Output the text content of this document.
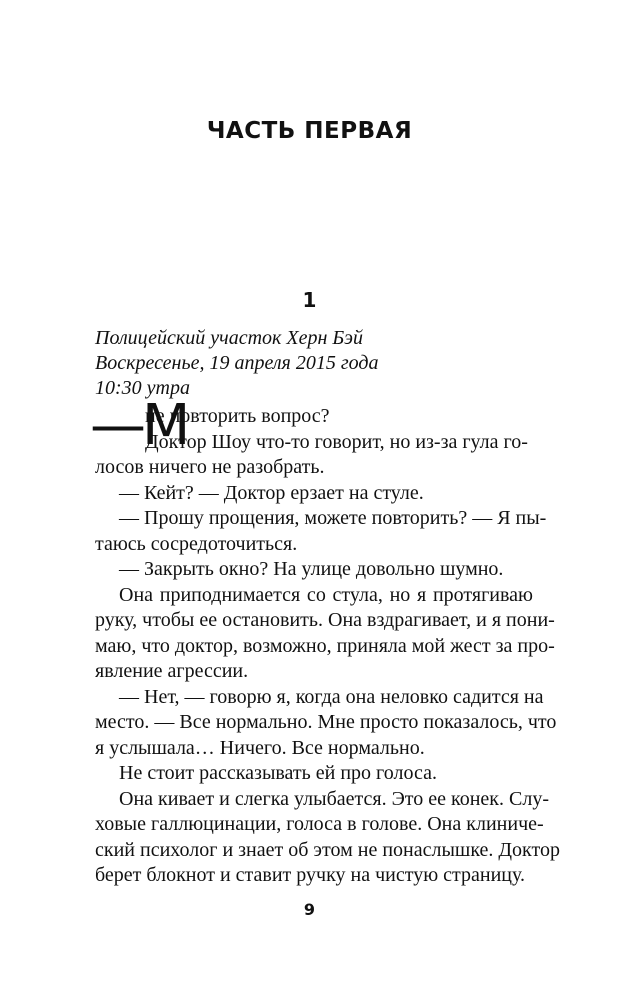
ЧАСТЬ ПЕРВАЯ
1
Полицейский участок Херн Бэй
Воскресенье, 19 апреля 2015 года
10:30 утра
—М
не повторить вопрос?
Доктор Шоу что-то говорит, но из-за гула го-
лосов ничего не разобрать.
— Кейт? — Доктор ерзает на стуле.
— Прошу прощения, можете повторить? — Я пы-
таюсь сосредоточиться.
— Закрыть окно? На улице довольно шумно.
Она приподнимается со стула, но я протягиваю
руку, чтобы ее остановить. Она вздрагивает, и я пони-
маю, что доктор, возможно, приняла мой жест за про-
явление агрессии.
— Нет, — говорю я, когда она неловко садится на
место. — Все нормально. Мне просто показалось, что
я услышала… Ничего. Все нормально.
Не стоит рассказывать ей про голоса.
Она кивает и слегка улыбается. Это ее конек. Слу-
ховые галлюцинации, голоса в голове. Она клиниче-
ский психолог и знает об этом не понаслышке. Доктор
берет блокнот и ставит ручку на чистую страницу.
9
